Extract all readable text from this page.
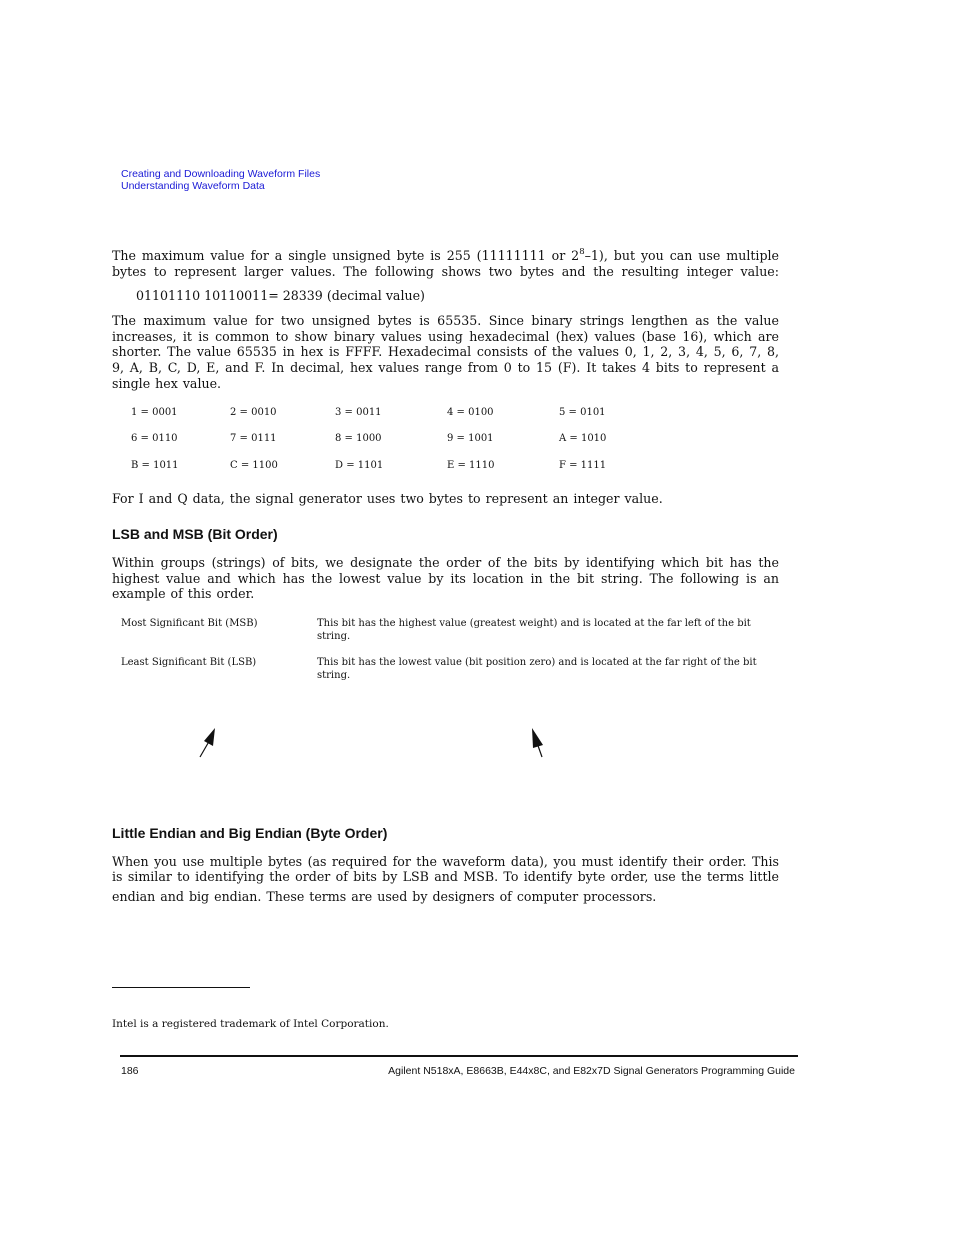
Creating and Downloading Waveform Files
Understanding Waveform Data
The maximum value for a single unsigned byte is 255 (11111111 or $2^8-1$), but you can use multiple
bytes to represent larger values. The following shows two bytes and the resulting integer value:
01101110 10110011= 28339 (decimal value)
The maximum value for two unsigned bytes is 65535. Since binary strings lengthen as the value increases, it is common to show binary values using hexadecimal (hex) values (base 16), which are shorter. The value 65535 in hex is FFFF. Hexadecimal consists of the values 0, 1, 2, 3, 4, 5, 6, 7, 8, 9, A, B, C, D, E, and F. In decimal, hex values range from 0 to 15 (F). It takes 4 bits to represent a single hex value.
1 = 0001	2 = 0010	3 = 0011	4 = 0100	5 = 0101
6 = 0110	7 = 0111	8 = 1000	9 = 1001	A = 1010
B = 1011	C = 1100	D = 1101	E = 1110	F = 1111
For I and Q data, the signal generator uses two bytes to represent an integer value.
LSB and MSB (Bit Order)
Within groups (strings) of bits, we designate the order of the bits by identifying which bit has the highest value and which has the lowest value by its location in the bit string. The following is an example of this order.
Most Significant Bit (MSB)	This bit has the highest value (greatest weight) and is located at the far left of the bit string.
Least Significant Bit (LSB)	This bit has the lowest value (bit position zero) and is located at the far right of the bit string.
Little Endian and Big Endian (Byte Order)
When you use multiple bytes (as required for the waveform data), you must identify their order. This
is similar to identifying the order of bits by LSB and MSB. To identify byte order, use the terms little
endian and big endian. These terms are used by designers of computer processors.
Intel is a registered trademark of Intel Corporation.
186	Agilent N518xA, E8663B, E44x8C, and E82x7D Signal Generators Programming Guide
